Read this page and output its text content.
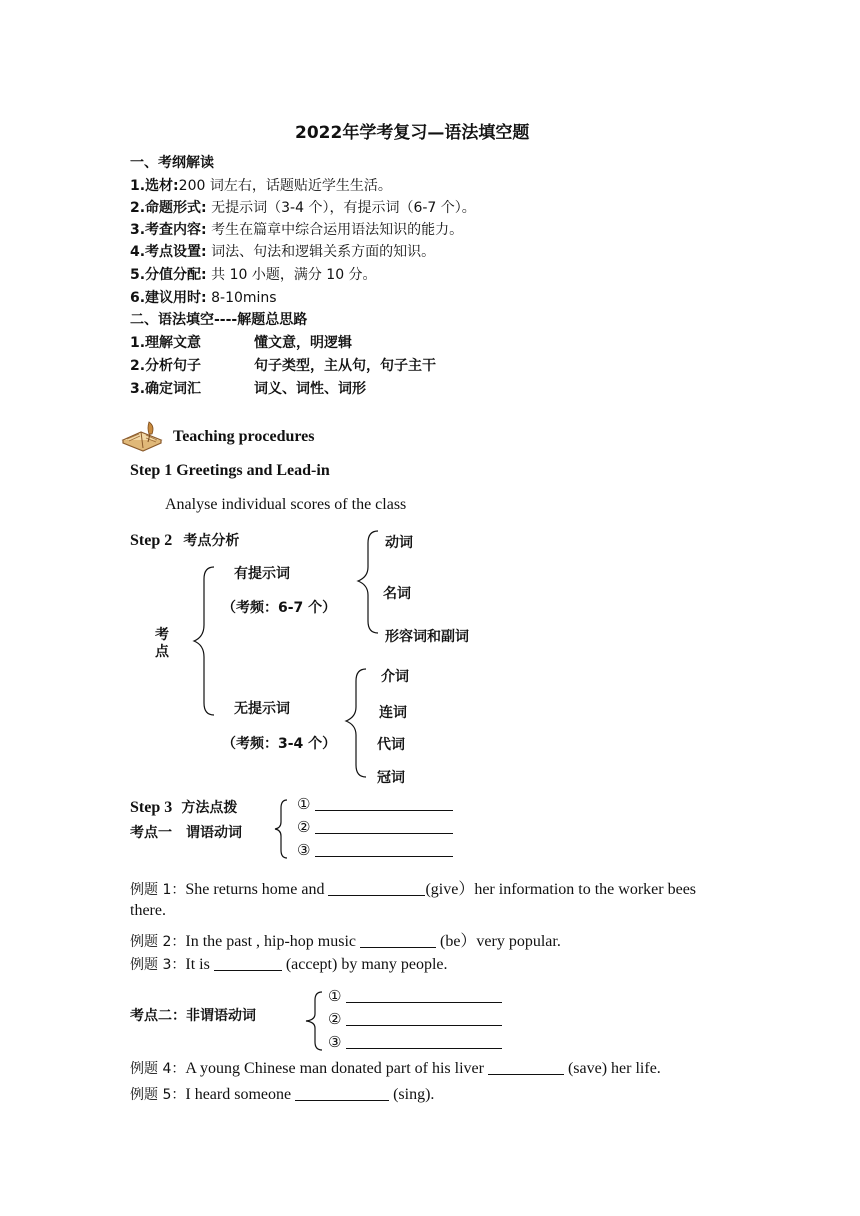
2022年学考复习—语法填空题
一、考纲解读
1.选材:200 词左右，话题贴近学生生活。
2.命题形式: 无提示词（3-4 个），有提示词（6-7 个）。
3.考查内容: 考生在篇章中综合运用语法知识的能力。
4.考点设置: 词法、句法和逻辑关系方面的知识。
5.分值分配: 共 10 小题，满分 10 分。
6.建议用时: 8-10mins
二、语法填空----解题总思路
1.理解文意	懂文意，明逻辑
2.分析句子	句子类型，主从句，句子主干
3.确定词汇	词义、词性、词形
Teaching procedures
Step 1 Greetings and Lead-in
Analyse individual scores of the class
Step 2 考点分析
考
点
有提示词
（考频：6-7 个）
动词
名词
形容词和副词
无提示词
（考频：3-4 个）
介词
连词
代词
冠词
Step 3 方法点拨
考点一　谓语动词
①
②
③
例题 1：She returns home and	(give）her information to the worker bees
there.
例题 2：In the past , hip-hop music	(be）very popular.
例题 3：It is	(accept) by many people.
考点二：非谓语动词
①
②
③
例题 4：A young Chinese man donated part of his liver	(save) her life.
例题 5：I heard someone	(sing).
